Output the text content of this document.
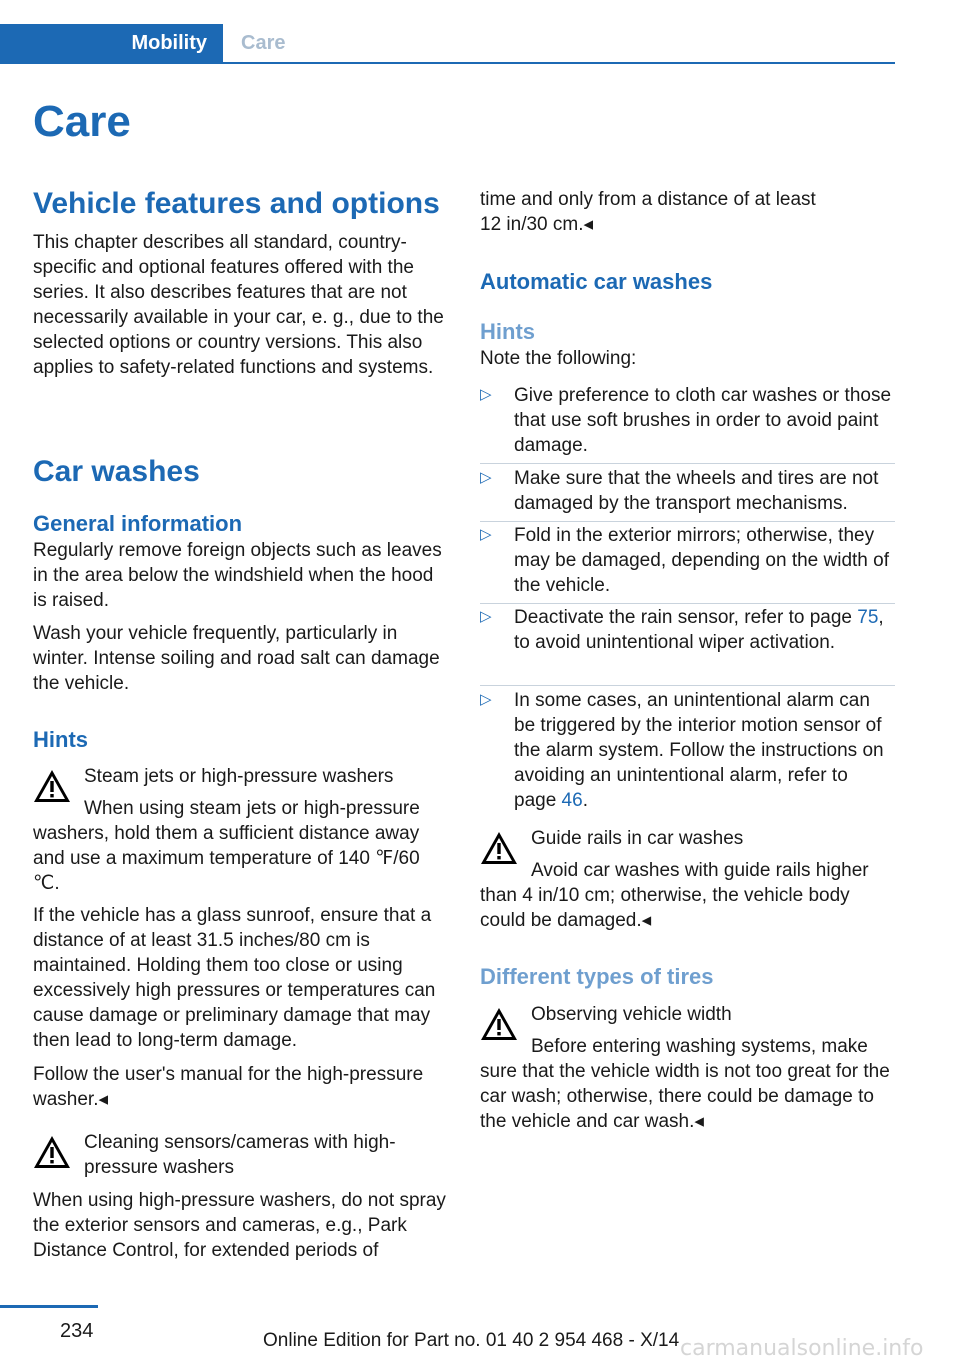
Mobility	Care
Care
Vehicle features and options

This chapter describes all standard, country-specific and optional features offered with the series. It also describes features that are not necessarily available in your car, e. g., due to the selected options or country versions. This also applies to safety-related functions and systems.

Car washes
General information

Regularly remove foreign objects such as leaves in the area below the windshield when the hood is raised.

Wash your vehicle frequently, particularly in winter. Intense soiling and road salt can damage the vehicle.

Hints

Steam jets or high-pressure washers

When using steam jets or high-pressure washers, hold them a sufficient distance away and use a maximum temperature of 140 ℉/60 ℃.

If the vehicle has a glass sunroof, ensure that a distance of at least 31.5 inches/80 cm is maintained. Holding them too close or using excessively high pressures or temperatures can cause damage or preliminary damage that may then lead to long-term damage.

Follow the user's manual for the high-pressure washer.◂

Cleaning sensors/cameras with high-pressure washers

When using high-pressure washers, do not spray the exterior sensors and cameras, e.g., Park Distance Control, for extended periods of

time and only from a distance of at least 12 in/30 cm.◂

Automatic car washes
Hints

Note the following:

▷ Give preference to cloth car washes or those that use soft brushes in order to avoid paint damage.
▷ Make sure that the wheels and tires are not damaged by the transport mechanisms.
▷ Fold in the exterior mirrors; otherwise, they may be damaged, depending on the width of the vehicle.
▷ Deactivate the rain sensor, refer to page 75, to avoid unintentional wiper activation.
▷ In some cases, an unintentional alarm can be triggered by the interior motion sensor of the alarm system. Follow the instructions on avoiding an unintentional alarm, refer to page 46.

Guide rails in car washes

Avoid car washes with guide rails higher than 4 in/10 cm; otherwise, the vehicle body could be damaged.◂

Different types of tires

Observing vehicle width

Before entering washing systems, make sure that the vehicle width is not too great for the car wash; otherwise, there could be damage to the vehicle and car wash.◂

234	Online Edition for Part no. 01 40 2 954 468 - X/14 carmanualsonline.info
